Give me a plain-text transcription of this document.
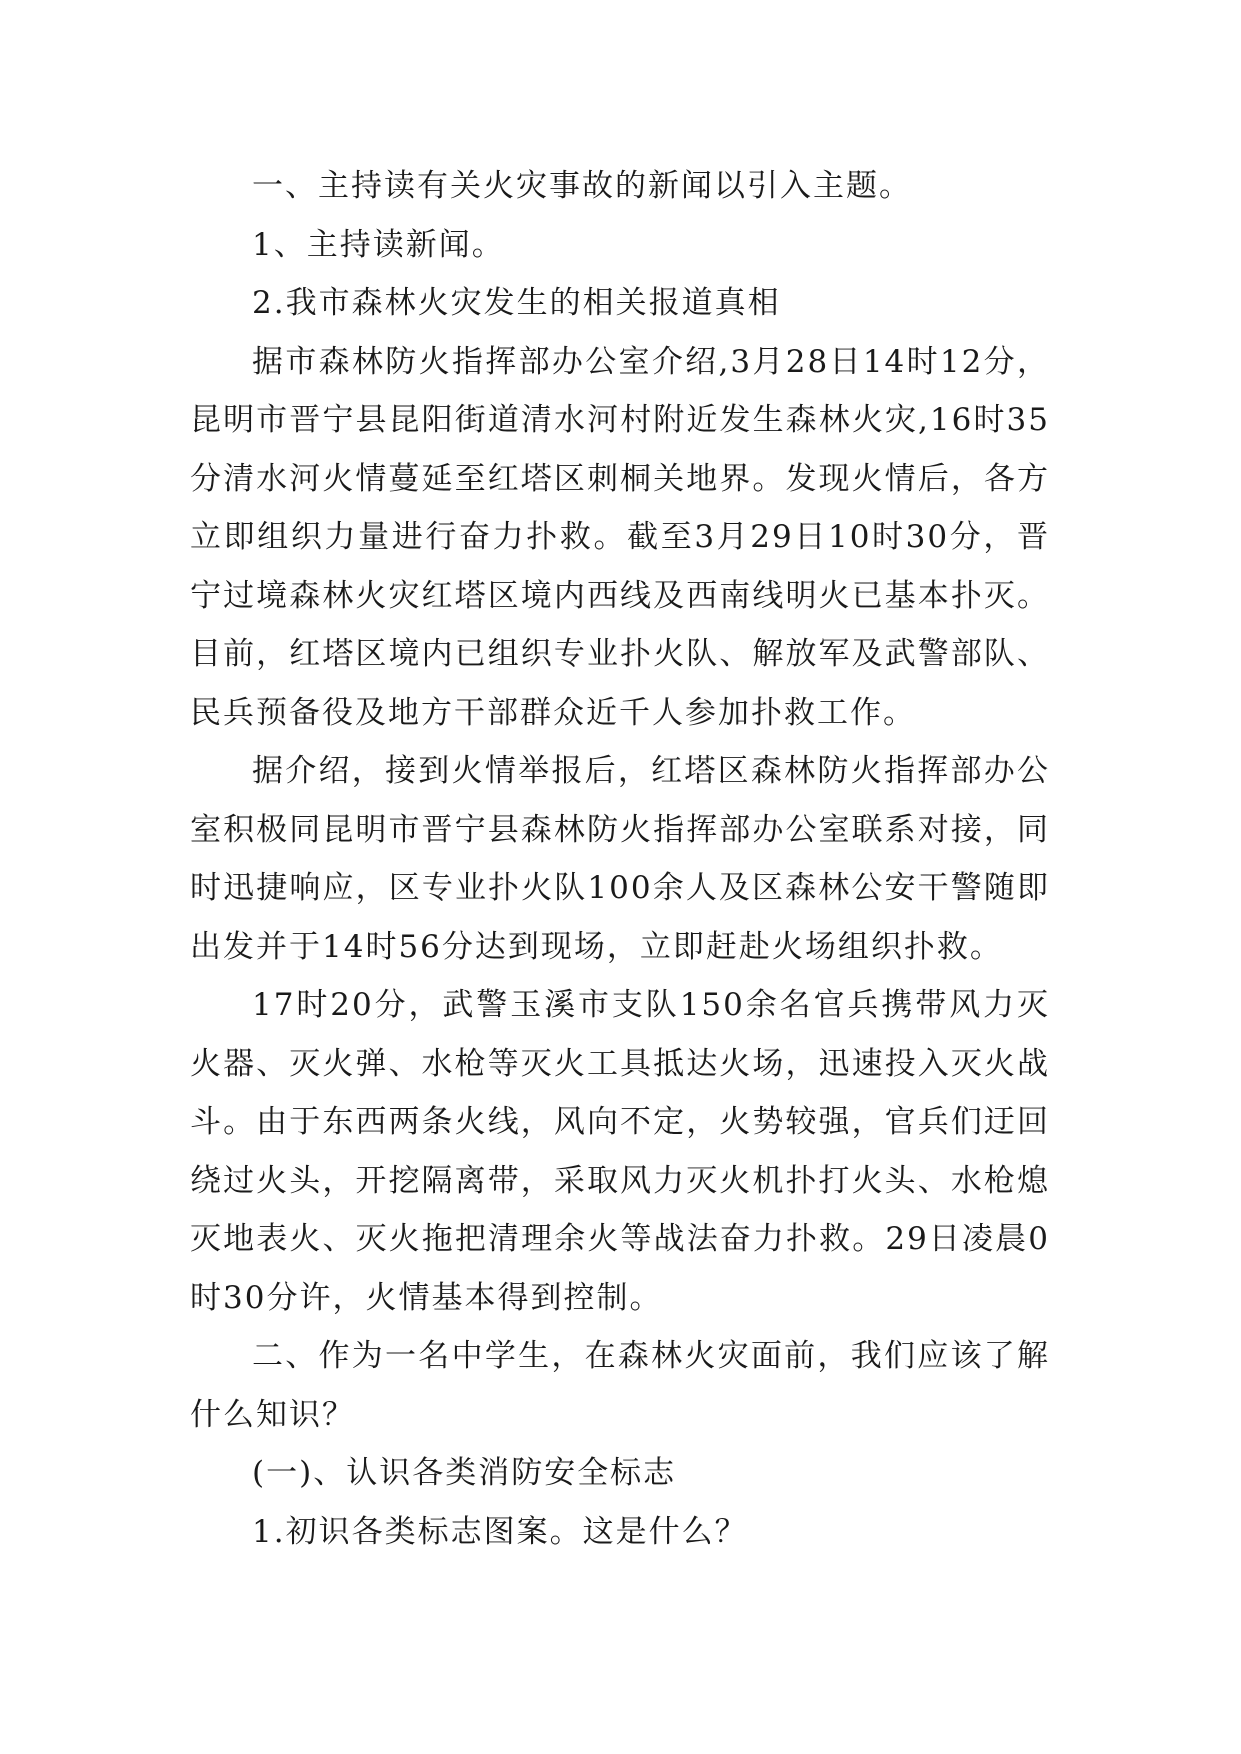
一、主持读有关火灾事故的新闻以引入主题。

1、主持读新闻。

2.我市森林火灾发生的相关报道真相

据市森林防火指挥部办公室介绍,3月28日14时12分，昆明市晋宁县昆阳街道清水河村附近发生森林火灾,16时35分清水河火情蔓延至红塔区刺桐关地界。发现火情后，各方立即组织力量进行奋力扑救。截至3月29日10时30分，晋宁过境森林火灾红塔区境内西线及西南线明火已基本扑灭。目前，红塔区境内已组织专业扑火队、解放军及武警部队、民兵预备役及地方干部群众近千人参加扑救工作。

据介绍，接到火情举报后，红塔区森林防火指挥部办公室积极同昆明市晋宁县森林防火指挥部办公室联系对接，同时迅捷响应，区专业扑火队100余人及区森林公安干警随即出发并于14时56分达到现场，立即赶赴火场组织扑救。

17时20分，武警玉溪市支队150余名官兵携带风力灭火器、灭火弹、水枪等灭火工具抵达火场，迅速投入灭火战斗。由于东西两条火线，风向不定，火势较强，官兵们迂回绕过火头，开挖隔离带，采取风力灭火机扑打火头、水枪熄灭地表火、灭火拖把清理余火等战法奋力扑救。29日凌晨0时30分许，火情基本得到控制。

二、作为一名中学生，在森林火灾面前，我们应该了解什么知识？

(一)、认识各类消防安全标志

1.初识各类标志图案。这是什么？
